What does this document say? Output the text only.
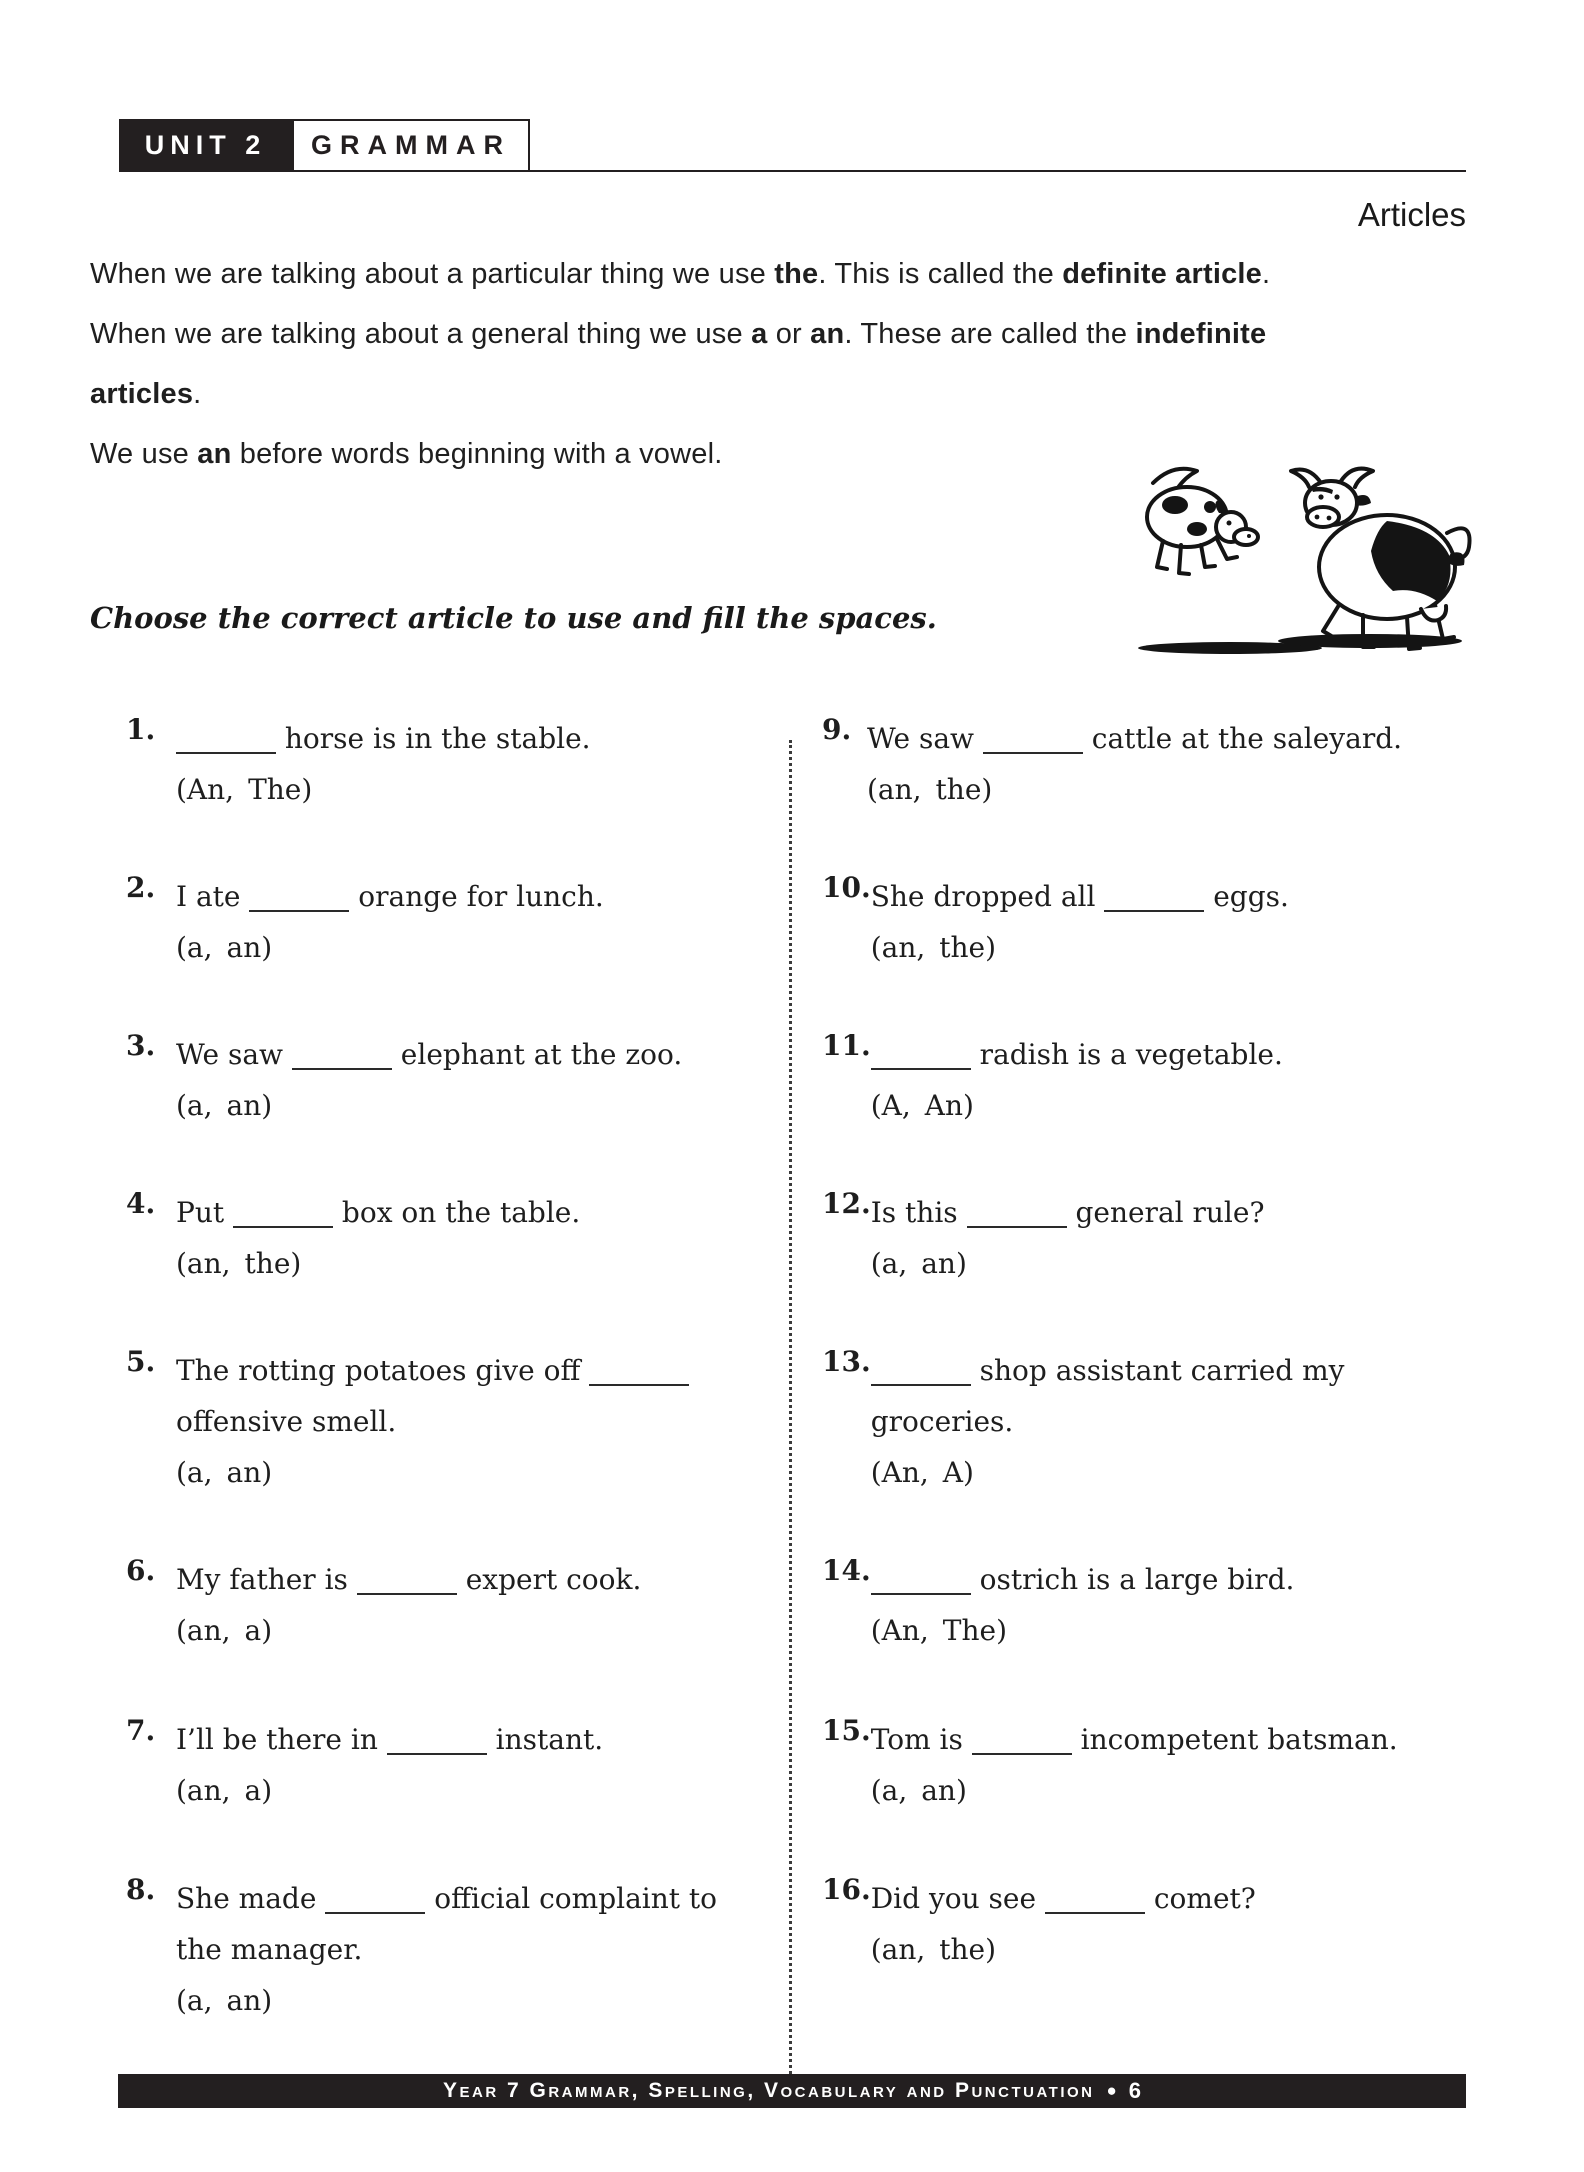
UNIT 2 GRAMMAR
Articles
When we are talking about a particular thing we use the. This is called the definite article.
When we are talking about a general thing we use a or an. These are called the indefinite
articles.
We use an before words beginning with a vowel.
Choose the correct article to use and fill the spaces.
1.	horse is in the stable.
(An, The)
2. I ate	orange for lunch.
(a, an)
3. We saw	elephant at the zoo.
(a, an)
4. Put	box on the table.
(an, the)
5. The rotting potatoes give off
offensive smell.
(a, an)
6. My father is	expert cook.
(an, a)
7. I’ll be there in	instant.
(an, a)
8. She made	official complaint to
the manager.
(a, an)
9. We saw	cattle at the saleyard.
(an, the)
10. She dropped all	eggs.
(an, the)
11.	radish is a vegetable.
(A, An)
12. Is this	general rule?
(a, an)
13.	shop assistant carried my
groceries.
(An, A)
14.	ostrich is a large bird.
(An, The)
15. Tom is	incompetent batsman.
(a, an)
16. Did you see	comet?
(an, the)
Year 7 Grammar, Spelling, Vocabulary and Punctuation ● 6
